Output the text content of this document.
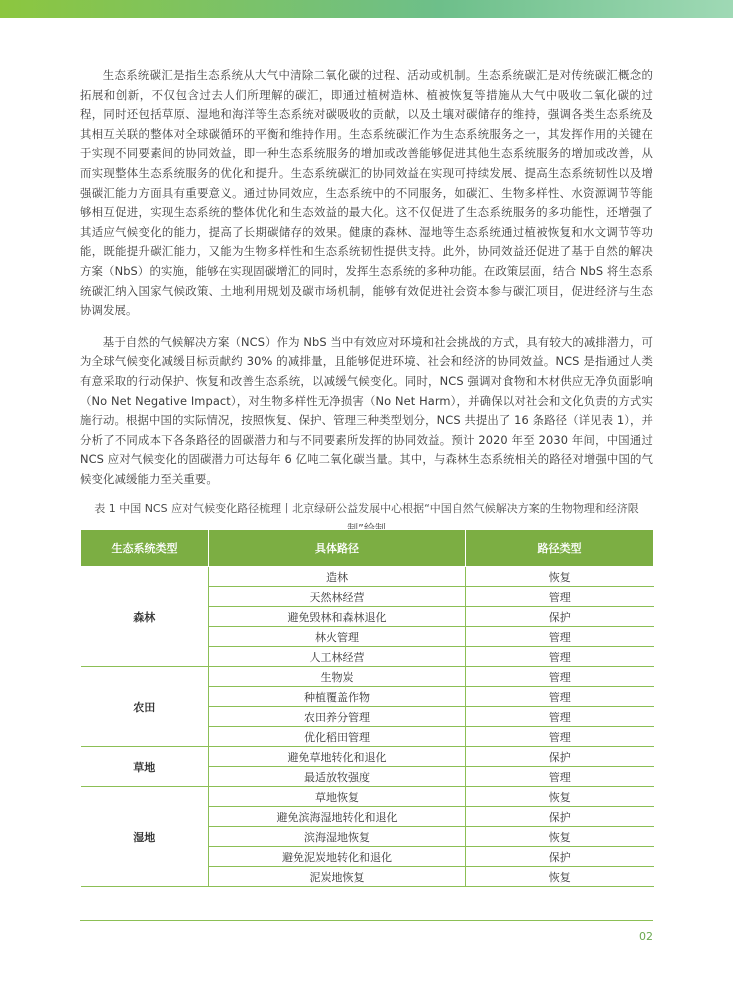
生态系统碳汇是指生态系统从大气中清除二氧化碳的过程、活动或机制。生态系统碳汇是对传统碳汇概念的拓展和创新，不仅包含过去人们所理解的碳汇，即通过植树造林、植被恢复等措施从大气中吸收二氧化碳的过程，同时还包括草原、湿地和海洋等生态系统对碳吸收的贡献，以及土壤对碳储存的维持，强调各类生态系统及其相互关联的整体对全球碳循环的平衡和维持作用。生态系统碳汇作为生态系统服务之一，其发挥作用的关键在于实现不同要素间的协同效益，即一种生态系统服务的增加或改善能够促进其他生态系统服务的增加或改善，从而实现整体生态系统服务的优化和提升。生态系统碳汇的协同效益在实现可持续发展、提高生态系统韧性以及增强碳汇能力方面具有重要意义。通过协同效应，生态系统中的不同服务，如碳汇、生物多样性、水资源调节等能够相互促进，实现生态系统的整体优化和生态效益的最大化。这不仅促进了生态系统服务的多功能性，还增强了其适应气候变化的能力，提高了长期碳储存的效果。健康的森林、湿地等生态系统通过植被恢复和水文调节等功能，既能提升碳汇能力，又能为生物多样性和生态系统韧性提供支持。此外，协同效益还促进了基于自然的解决方案（NbS）的实施，能够在实现固碳增汇的同时，发挥生态系统的多种功能。在政策层面，结合 NbS 将生态系统碳汇纳入国家气候政策、土地利用规划及碳市场机制，能够有效促进社会资本参与碳汇项目，促进经济与生态协调发展。

基于自然的气候解决方案（NCS）作为 NbS 当中有效应对环境和社会挑战的方式，具有较大的减排潜力，可为全球气候变化减缓目标贡献约 30% 的减排量，且能够促进环境、社会和经济的协同效益。NCS 是指通过人类有意采取的行动保护、恢复和改善生态系统，以减缓气候变化。同时，NCS 强调对食物和木材供应无净负面影响（No Net Negative Impact），对生物多样性无净损害（No Net Harm），并确保以对社会和文化负责的方式实施行动。根据中国的实际情况，按照恢复、保护、管理三种类型划分，NCS 共提出了 16 条路径（详见表 1），并分析了不同成本下各条路径的固碳潜力和与不同要素所发挥的协同效益。预计 2020 年至 2030 年间，中国通过 NCS 应对气候变化的固碳潜力可达每年 6 亿吨二氧化碳当量。其中，与森林生态系统相关的路径对增强中国的气候变化减缓能力至关重要。

表 1 中国 NCS 应对气候变化路径梳理丨北京绿研公益发展中心根据“中国自然气候解决方案的生物物理和经济限

生态系统类型	具体路径	路径类型
森林	造林	恢复
	天然林经营	管理
	避免毁林和森林退化	保护
	林火管理	管理
	人工林经营	管理
农田	生物炭	管理
	种植覆盖作物	管理
	农田养分管理	管理
	优化稻田管理	管理
草地	避免草地转化和退化	保护
	最适放牧强度	管理
湿地	草地恢复	恢复
	避免滨海湿地转化和退化	保护
	滨海湿地恢复	恢复
	避免泥炭地转化和退化	保护
	泥炭地恢复	恢复
02
